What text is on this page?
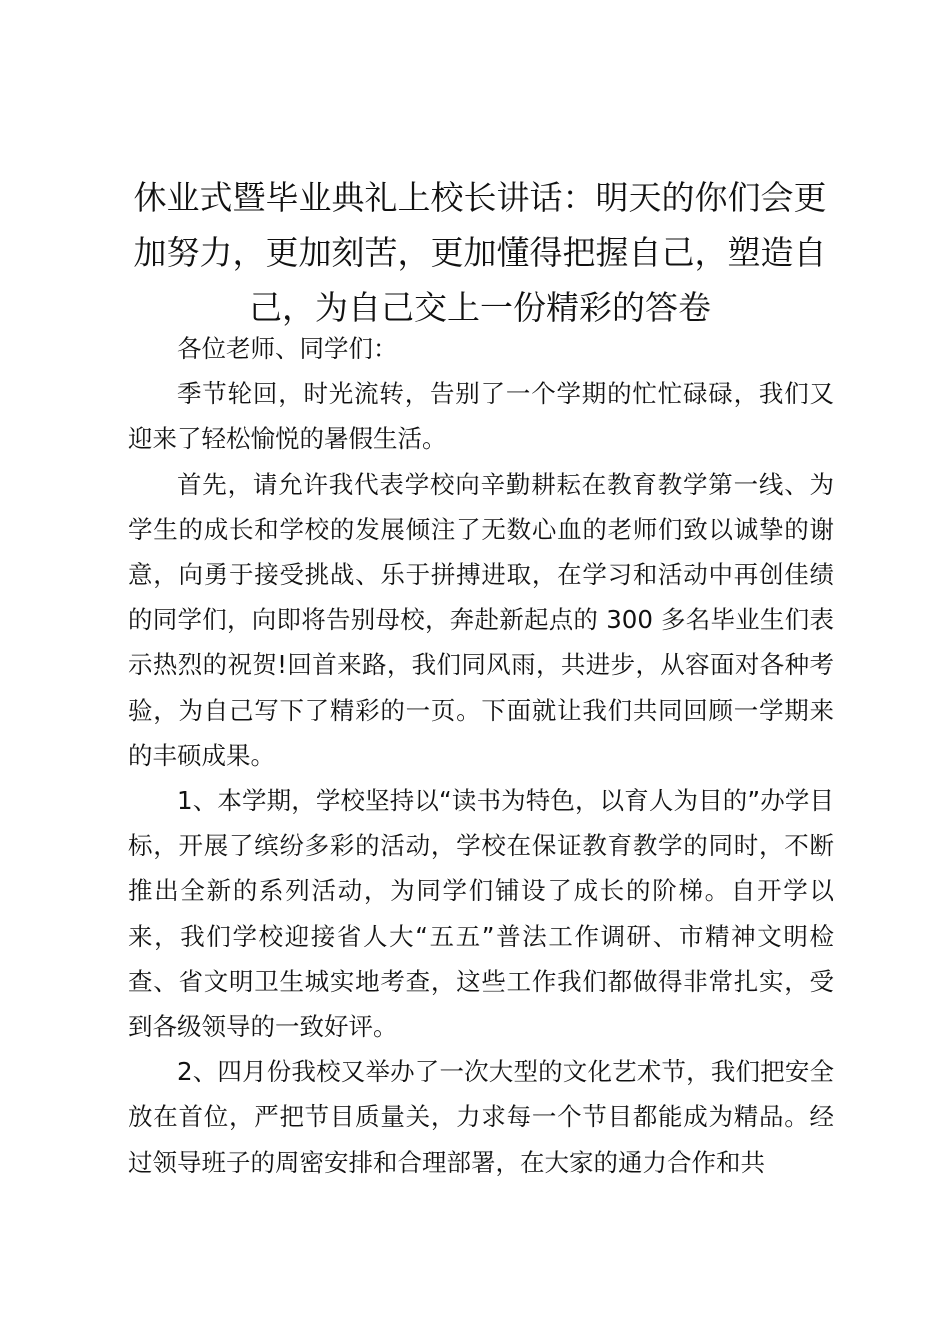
休业式暨毕业典礼上校长讲话：明天的你们会更加努力，更加刻苦，更加懂得把握自己，塑造自己，为自己交上一份精彩的答卷

各位老师、同学们：

季节轮回，时光流转，告别了一个学期的忙忙碌碌，我们又迎来了轻松愉悦的暑假生活。

首先，请允许我代表学校向辛勤耕耘在教育教学第一线、为学生的成长和学校的发展倾注了无数心血的老师们致以诚挚的谢意，向勇于接受挑战、乐于拼搏进取，在学习和活动中再创佳绩的同学们，向即将告别母校，奔赴新起点的 300 多名毕业生们表示热烈的祝贺!回首来路，我们同风雨，共进步，从容面对各种考验，为自己写下了精彩的一页。下面就让我们共同回顾一学期来的丰硕成果。

1、本学期，学校坚持以“读书为特色，以育人为目的”办学目标，开展了缤纷多彩的活动，学校在保证教育教学的同时，不断推出全新的系列活动，为同学们铺设了成长的阶梯。自开学以来，我们学校迎接省人大“五五”普法工作调研、市精神文明检查、省文明卫生城实地考查，这些工作我们都做得非常扎实，受到各级领导的一致好评。

2、四月份我校又举办了一次大型的文化艺术节，我们把安全放在首位，严把节目质量关，力求每一个节目都能成为精品。经过领导班子的周密安排和合理部署，在大家的通力合作和共
